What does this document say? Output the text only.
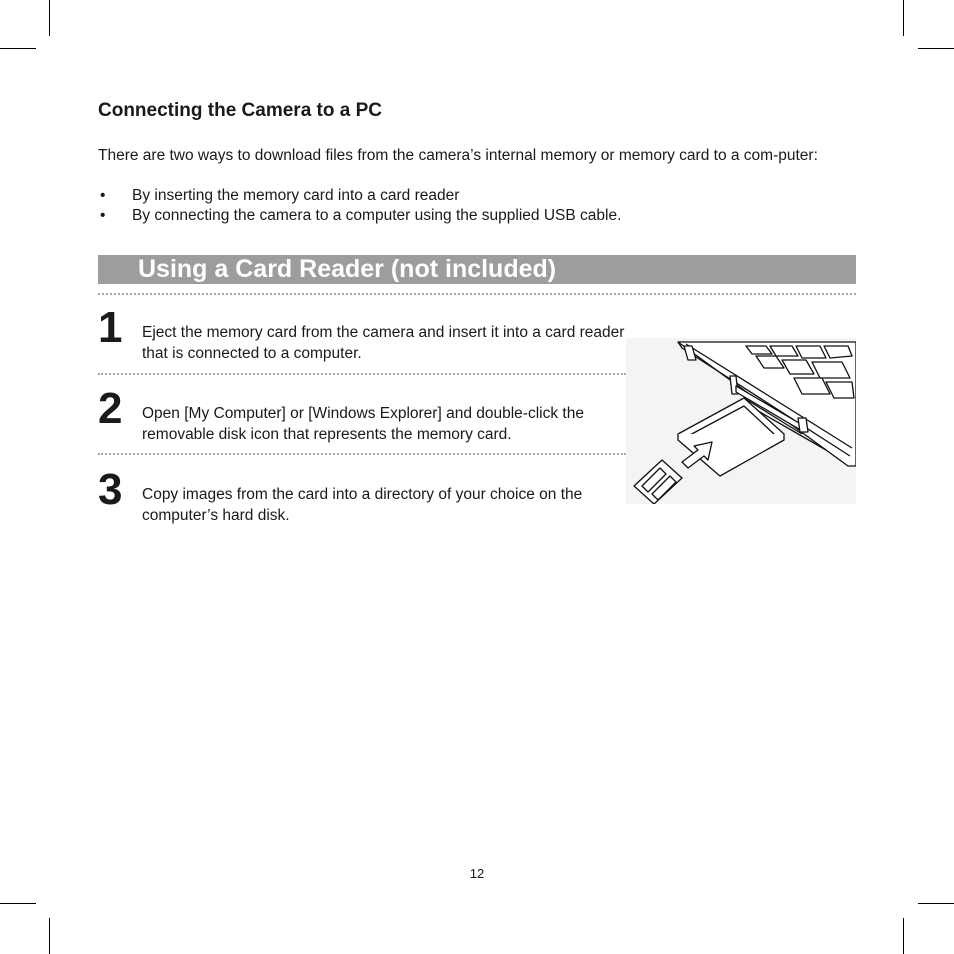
Connecting the Camera to a PC

There are two ways to download files from the camera’s internal memory or memory card to a com-puter:

• By inserting the memory card into a card reader
• By connecting the camera to a computer using the supplied USB cable.
Using a Card Reader (not included)
1 Eject the memory card from the camera and insert it into a card reader that is connected to a computer.
2 Open [My Computer] or [Windows Explorer] and double-click the removable disk icon that represents the memory card.
3 Copy images from the card into a directory of your choice on the computer’s hard disk.
12
